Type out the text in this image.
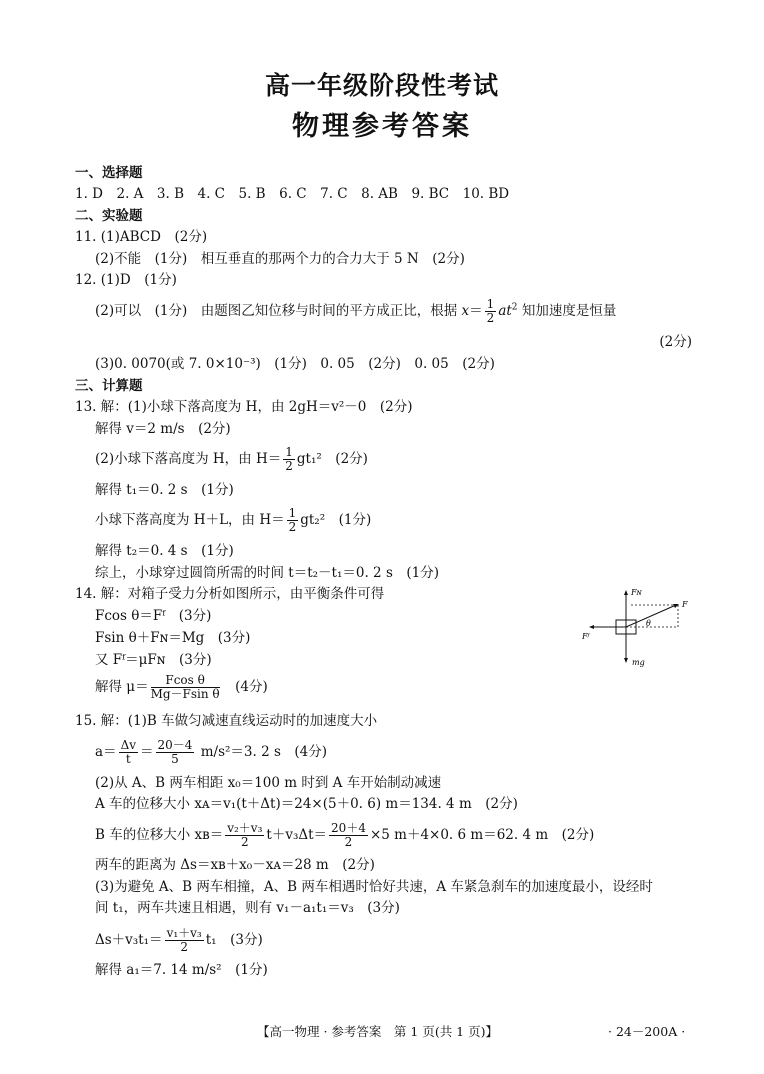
高一年级阶段性考试
物理参考答案
一、选择题
1. D　2. A　3. B　4. C　5. B　6. C　7. C　8. AB　9. BC　10. BD
二、实验题
11. (1)ABCD　(2分)
(2)不能　(1分)　相互垂直的那两个力的合力大于 5 N　(2分)
12. (1)D　(1分)
(2)可以　(1分)　由题图乙知位移与时间的平方成正比，根据 $x= \frac{1}{2} at^2$ 知加速度是恒量
(2分)
(3)0. 0070(或 7. 0×10⁻³)　(1分)　0. 05　(2分)　0. 05　(2分)
三、计算题
13. 解：(1)小球下落高度为 H，由 2gH＝v²－0　(2分)
解得 v＝2 m/s　(2分)
(2)小球下落高度为 H，由 $H= \frac{1}{2} gt_1^2$　(2分)
解得 t₁＝0. 2 s　(1分)
小球下落高度为 H＋L，由 $H= \frac{1}{2} gt_2^2$　(1分)
解得 t₂＝0. 4 s　(1分)
综上，小球穿过圆筒所需的时间 t＝t₂－t₁＝0. 2 s　(1分)
14. 解：对箱子受力分析如图所示，由平衡条件可得
Fcos θ＝Fᶠ　(3分)
Fsin θ＋Fɴ＝Mg　(3分)
又 Fᶠ＝μFɴ　(3分)
解得 $\mu= \frac{\text{Fcos θ}}{\text{Mg－Fsin θ}}$
　 (4分)
Fɴ
F
Fᶠ
θ
mg
15. 解：(1)B 车做匀减速直线运动时的加速度大小
$a= \frac{\Delta v}{t} = \frac{20-4}{5} m/s^2=3$. 2 s　(4分)
(2)从 A、B 两车相距 x₀＝100 m 时到 A 车开始制动减速
A 车的位移大小 xᴀ＝v₁(t＋Δt)＝24×(5＋0. 6) m＝134. 4 m　(2分)
B 车的位移大小 xʙ＝ $\frac{\text{v₂＋v₃}}{2} t+v_3\Delta t= \frac{20+4}{2} \times 5$ m＋4×0. 6 m＝62. 4 m　(2分)
两车的距离为 Δs＝xʙ＋x₀－xᴀ＝28 m　(2分)
(3)为避免 A、B 两车相撞，A、B 两车相遇时恰好共速，A 车紧急刹车的加速度最小，设经时
间 t₁，两车共速且相遇，则有 v₁－a₁t₁＝v₃　(3分)
$\Delta s+v_3t_1= \frac{\text{v₁＋v₃}}{2} t_1$　(3分)
解得 a₁＝7. 14 m/s²　(1分)
【高一物理 · 参考答案　第 1 页(共 1 页)】	· 24－200A ·
